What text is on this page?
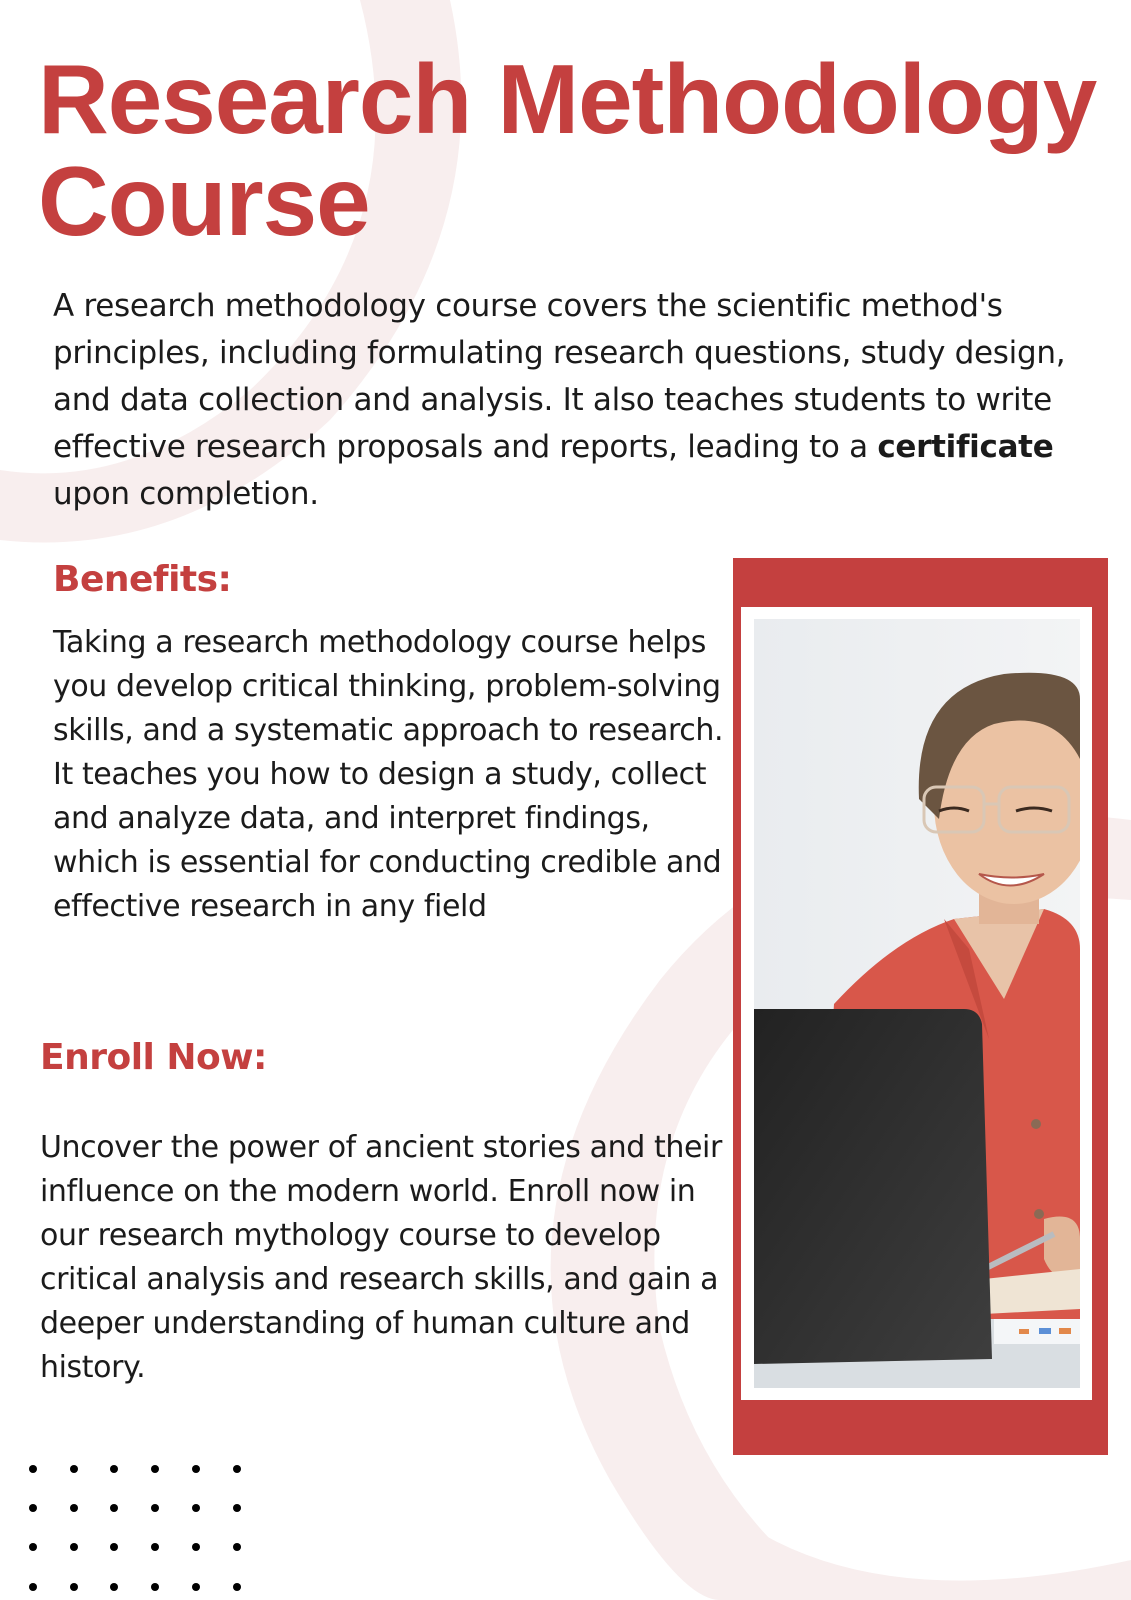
Research Methodology
Course

A research methodology course covers the scientific method's principles, including formulating research questions, study design, and data collection and analysis. It also teaches students to write effective research proposals and reports, leading to a certificate upon completion.

Benefits:

Taking a research methodology course helps you develop critical thinking, problem-solving skills, and a systematic approach to research. It teaches you how to design a study, collect and analyze data, and interpret findings, which is essential for conducting credible and effective research in any field

Enroll Now:

Uncover the power of ancient stories and their influence on the modern world. Enroll now in our research mythology course to develop critical analysis and research skills, and gain a deeper understanding of human culture and history.
